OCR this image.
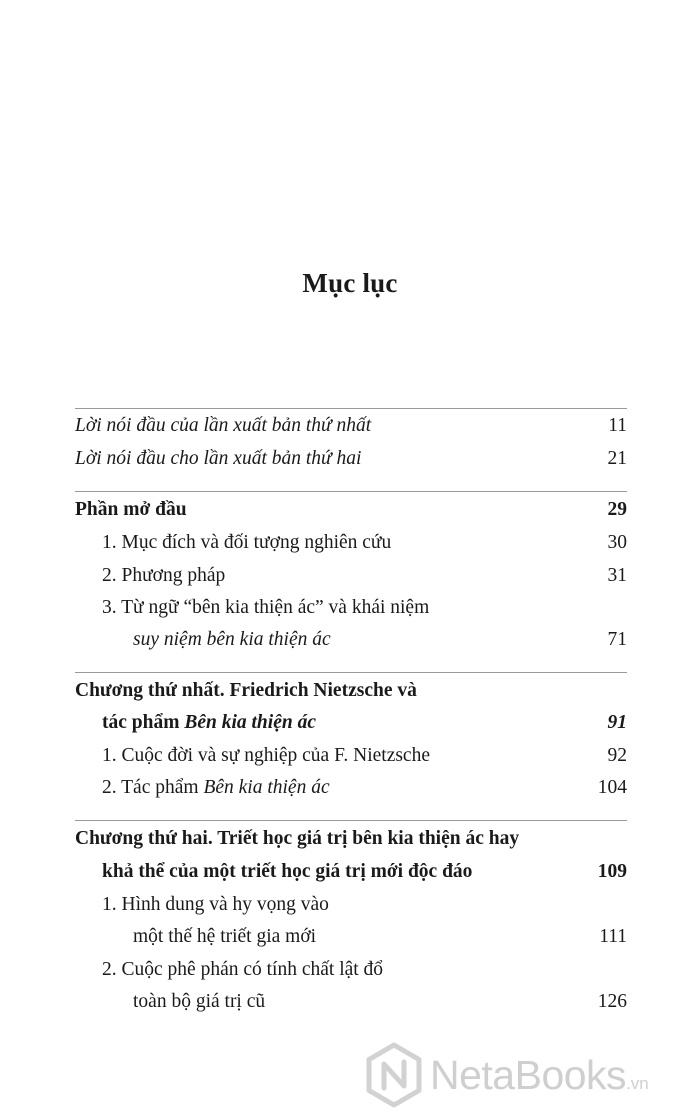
Mục lục
Lời nói đầu của lần xuất bản thứ nhất	11
Lời nói đầu cho lần xuất bản thứ hai	21
Phần mở đầu	29
1. Mục đích và đối tượng nghiên cứu	30
2. Phương pháp	31
3. Từ ngữ “bên kia thiện ác” và khái niệm
suy niệm bên kia thiện ác	71
Chương thứ nhất. Friedrich Nietzsche và
tác phẩm Bên kia thiện ác	91
1. Cuộc đời và sự nghiệp của F. Nietzsche	92
2. Tác phẩm Bên kia thiện ác	104
Chương thứ hai. Triết học giá trị bên kia thiện ác hay
khả thể của một triết học giá trị mới độc đáo	109
1. Hình dung và hy vọng vào
một thế hệ triết gia mới	111
2. Cuộc phê phán có tính chất lật đổ
toàn bộ giá trị cũ	126
NetaBooks.vn
